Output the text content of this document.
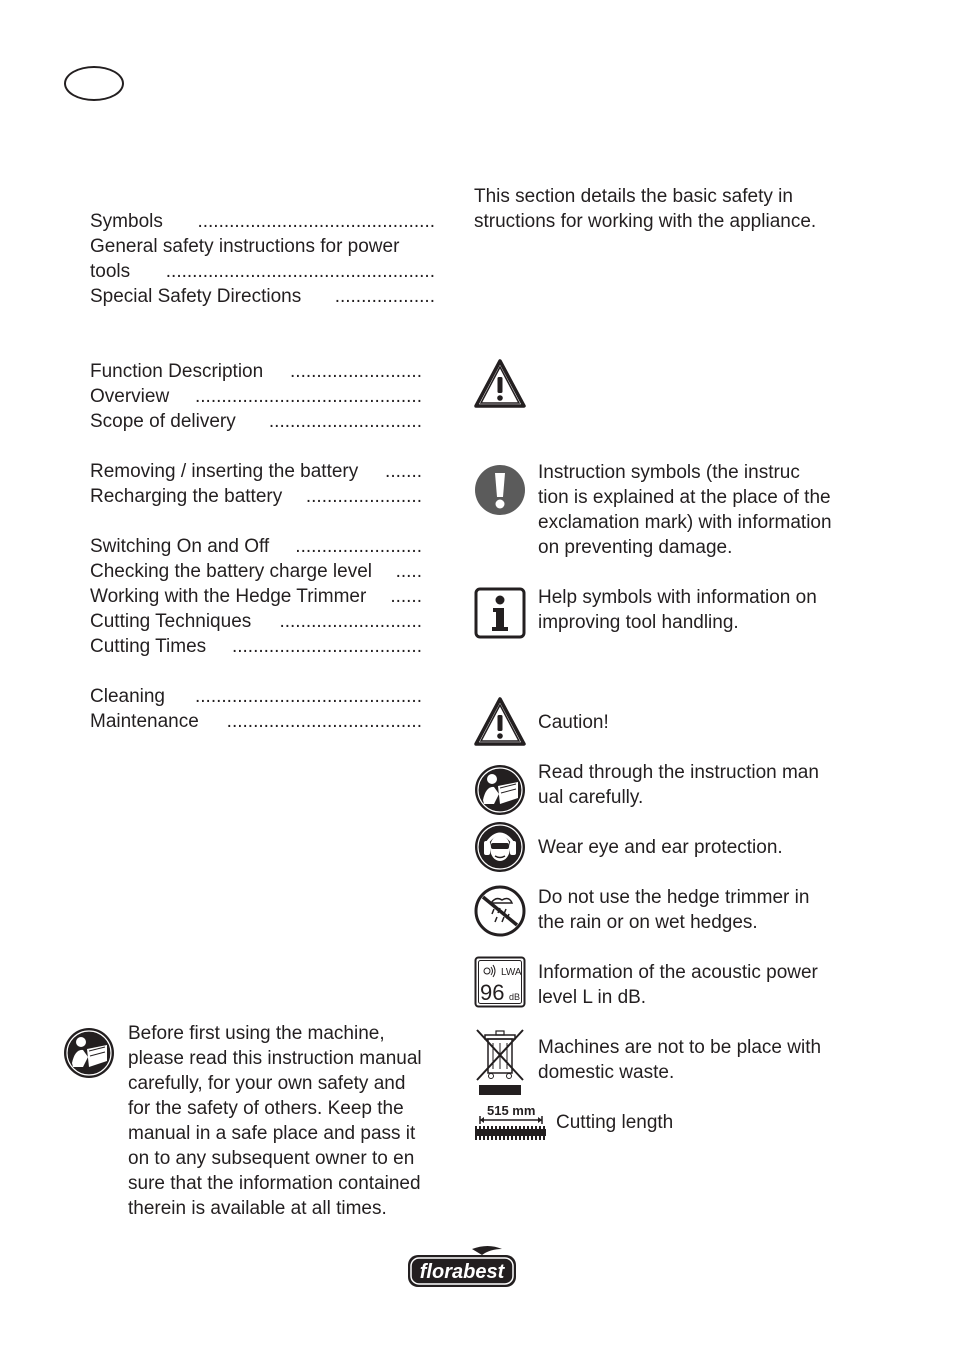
.............................................
Symbols
General safety instructions for power
...................................................
tools
...................
Special Safety Directions
.........................
Function Description
...........................................
Overview
.............................
Scope of delivery
.......
Removing / inserting the battery
......................
Recharging the battery
........................
Switching On and Off
.....
Checking the battery charge level
......
Working with the Hedge Trimmer
...........................
Cutting Techniques
....................................
Cutting Times
...........................................
Cleaning
.....................................
Maintenance
This section details the basic safety in
structions for working with the appliance.
Instruction symbols (the instruc
tion is explained at the place of the
exclamation mark) with information
on preventing damage.
Help symbols with information on
improving tool handling.
Caution!
Read through the instruction man
ual carefully.
Wear eye and ear protection.
Do not use the hedge trimmer in
the rain or on wet hedges.
LWA
96 dB
Information of the acoustic power
level L in dB.
Machines are not to be place with
domestic waste.
515 mm
Cutting length
Before first using the machine,
please read this instruction manual
carefully, for your own safety and
for the safety of others. Keep the
manual in a safe place and pass it
on to any subsequent owner to en
sure that the information contained
therein is available at all times.
florabest
